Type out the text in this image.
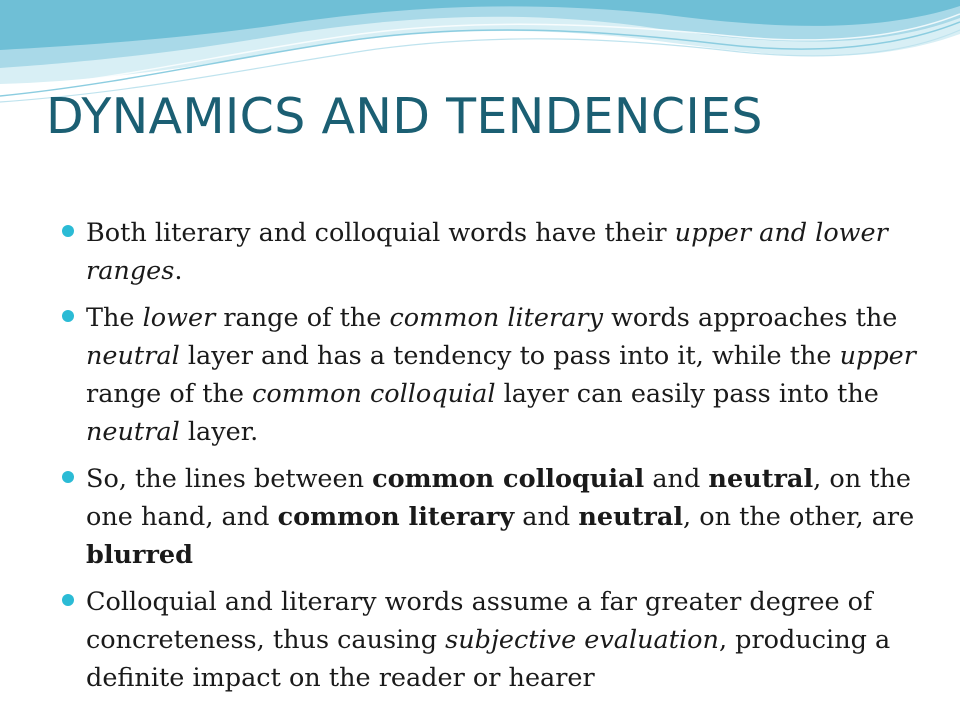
DYNAMICS AND TENDENCIES
Both literary and colloquial words have their upper and lower ranges.
The lower range of the common literary words approaches the neutral layer and has a tendency to pass into it, while the upper range of the common colloquial layer can easily pass into the neutral layer.
So, the lines between common colloquial and neutral, on the one hand, and common literary and neutral, on the other, are blurred
Colloquial and literary words assume a far greater degree of concreteness, thus causing subjective evaluation, producing a definite impact on the reader or hearer
